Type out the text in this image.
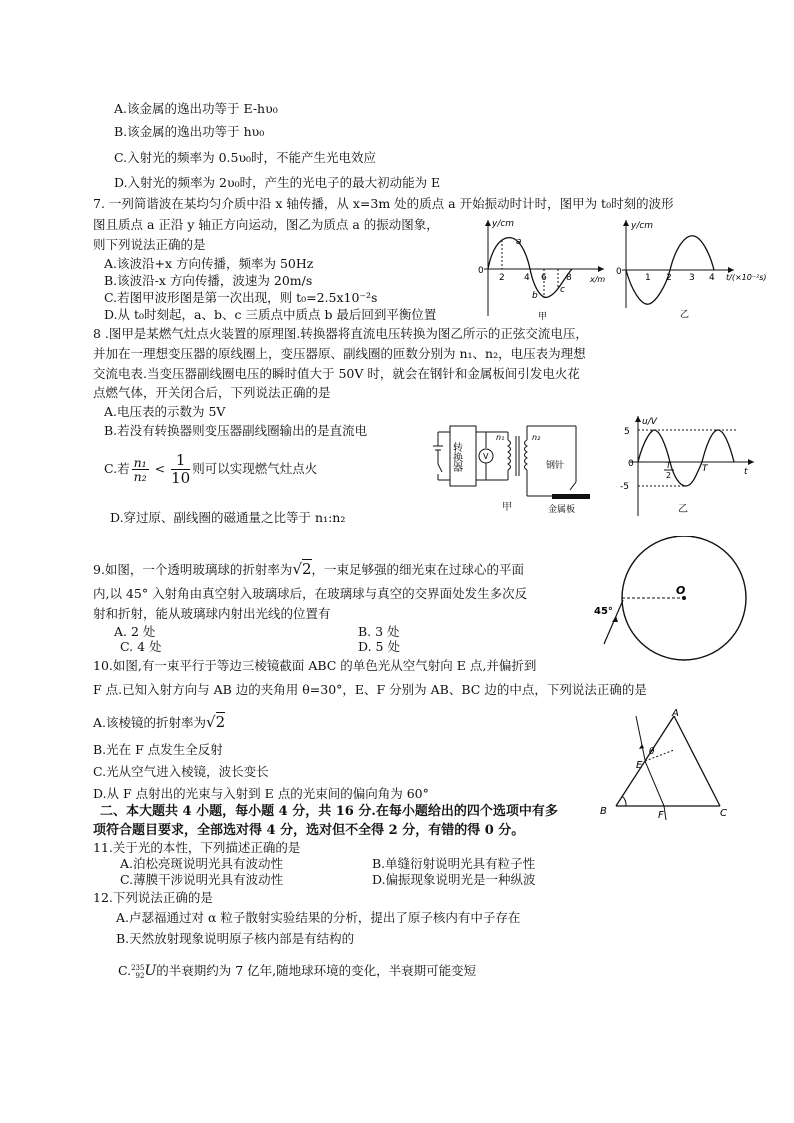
A.该金属的逸出功等于 E-hυ₀
B.该金属的逸出功等于 hυ₀
C.入射光的频率为 0.5υ₀时，不能产生光电效应
D.入射光的频率为 2υ₀时，产生的光电子的最大初动能为 E
7. 一列简谐波在某均匀介质中沿 x 轴传播，从 x=3m 处的质点 a 开始振动时计时，图甲为 t₀时刻的波形
图且质点 a 正沿 y 轴正方向运动，图乙为质点 a 的振动图象，
则下列说法正确的是
A.该波沿+x 方向传播，频率为 50Hz
B.该波沿-x 方向传播，波速为 20m/s
C.若图甲波形图是第一次出现，则 t₀=2.5x10⁻²s
D.从 t₀时刻起，a、b、c 三质点中质点 b 最后回到平衡位置
y/cm
x/m
0
2 4 6 8
a
b
c
甲
y/cm
0
1 2 3 4 t/(×10⁻²s)
乙
8 .图甲是某燃气灶点火装置的原理图.转换器将直流电压转换为图乙所示的正弦交流电压，
并加在一理想变压器的原线圈上，变压器原、副线圈的匝数分别为 n₁、n₂，电压表为理想
交流电表.当变压器副线圈电压的瞬时值大于 50V 时，就会在钢针和金属板间引发电火花
点燃气体，开关闭合后，下列说法正确的是
A.电压表的示数为 5V
B.若没有转换器则变压器副线圈输出的是直流电
C.若 $\frac{\text{n₁}}{\text{n₂}} < \frac{1}{10}$ 则可以实现燃气灶点火
D.穿过原、副线圈的磁通量之比等于 n₁:n₂
转换器	V
n₁	n₂
钢针
金属板
甲
u/V
5
-5
0	T
2
T	t
乙
9.如图，一个透明玻璃球的折射率为√2，一束足够强的细光束在过球心的平面
内,以 45° 入射角由真空射入玻璃球后，在玻璃球与真空的交界面处发生多次反
射和折射，能从玻璃球内射出光线的位置有
A. 2 处	B. 3 处
C. 4 处	D. 5 处
O
45°
10.如图,有一束平行于等边三棱镜截面 ABC 的单色光从空气射向 E 点,并偏折到
F 点.已知入射方向与 AB 边的夹角用 θ=30°，E、F 分别为 AB、BC 边的中点，下列说法正确的是
A.该棱镜的折射率为√2
B.光在 F 点发生全反射
C.光从空气进入棱镜，波长变长
D.从 F 点射出的光束与入射到 E 点的光束间的偏向角为 60°
θ
A
B	C
E
F
二、本大题共 4 小题，每小题 4 分，共 16 分.在每小题给出的四个选项中有多
项符合题目要求，全部选对得 4 分，选对但不全得 2 分，有错的得 0 分。
11.关于光的本性，下列描述正确的是
A.泊松亮斑说明光具有波动性	B.单缝衍射说明光具有粒子性
C.薄膜干涉说明光具有波动性	D.偏振现象说明光是一种纵波
12.下列说法正确的是
A.卢瑟福通过对 α 粒子散射实验结果的分析，提出了原子核内有中子存在
B.天然放射现象说明原子核内部是有结构的
C. 235
92 U的半衰期约为 7 亿年,随地球环境的变化，半衰期可能变短
